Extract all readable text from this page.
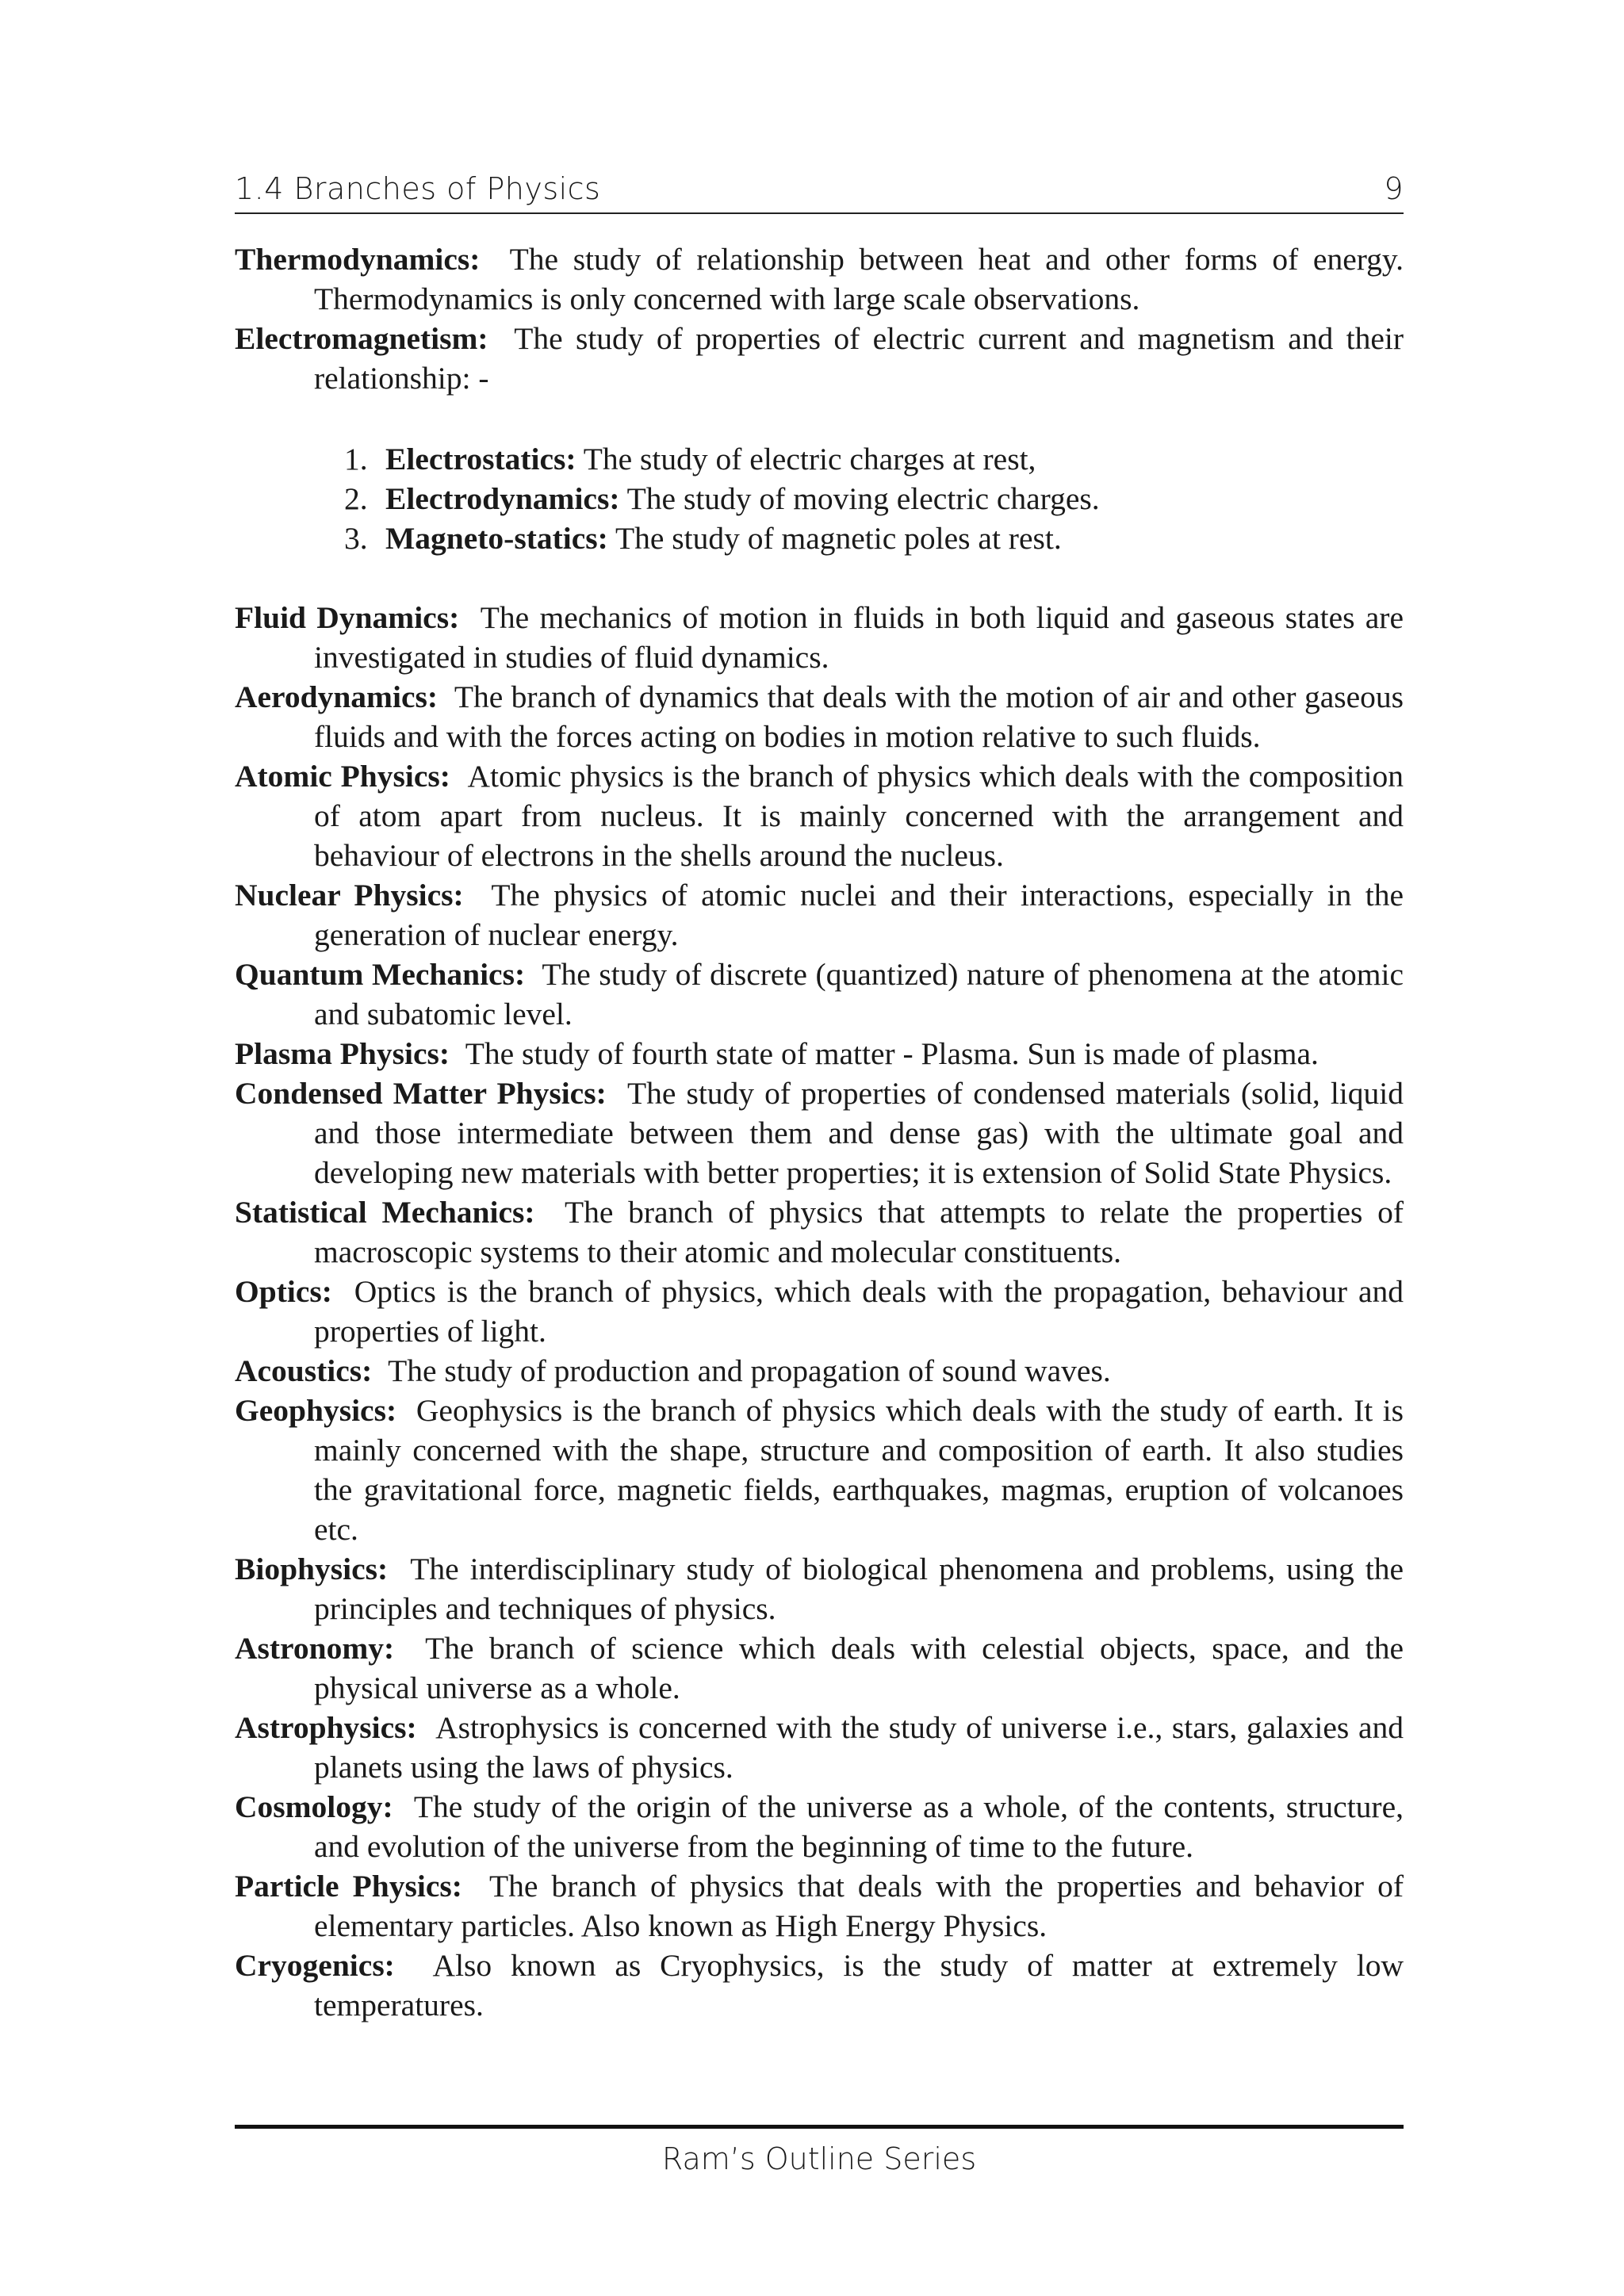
1.4 Branches of Physics	9

Thermodynamics: The study of relationship between heat and other forms of energy. Thermodynamics is only concerned with large scale observations.

Electromagnetism: The study of properties of electric current and magnetism and their relationship: -

1. Electrostatics: The study of electric charges at rest,
2. Electrodynamics: The study of moving electric charges.
3. Magneto-statics: The study of magnetic poles at rest.

Fluid Dynamics: The mechanics of motion in fluids in both liquid and gaseous states are investigated in studies of fluid dynamics.

Aerodynamics: The branch of dynamics that deals with the motion of air and other gaseous fluids and with the forces acting on bodies in motion relative to such fluids.

Atomic Physics: Atomic physics is the branch of physics which deals with the composition of atom apart from nucleus. It is mainly concerned with the arrangement and behaviour of electrons in the shells around the nucleus.

Nuclear Physics: The physics of atomic nuclei and their interactions, especially in the generation of nuclear energy.

Quantum Mechanics: The study of discrete (quantized) nature of phenomena at the atomic and subatomic level.

Plasma Physics: The study of fourth state of matter - Plasma. Sun is made of plasma.

Condensed Matter Physics: The study of properties of condensed materials (solid, liquid and those intermediate between them and dense gas) with the ultimate goal and developing new materials with better properties; it is extension of Solid State Physics.

Statistical Mechanics: The branch of physics that attempts to relate the properties of macroscopic systems to their atomic and molecular constituents.

Optics: Optics is the branch of physics, which deals with the propagation, behaviour and properties of light.

Acoustics: The study of production and propagation of sound waves.

Geophysics: Geophysics is the branch of physics which deals with the study of earth. It is mainly concerned with the shape, structure and composition of earth. It also studies the gravitational force, magnetic fields, earthquakes, magmas, eruption of volcanoes etc.

Biophysics: The interdisciplinary study of biological phenomena and problems, using the principles and techniques of physics.

Astronomy: The branch of science which deals with celestial objects, space, and the physical universe as a whole.

Astrophysics: Astrophysics is concerned with the study of universe i.e., stars, galaxies and planets using the laws of physics.

Cosmology: The study of the origin of the universe as a whole, of the contents, structure, and evolution of the universe from the beginning of time to the future.

Particle Physics: The branch of physics that deals with the properties and behavior of elementary particles. Also known as High Energy Physics.

Cryogenics: Also known as Cryophysics, is the study of matter at extremely low temperatures.

Ram’s Outline Series
